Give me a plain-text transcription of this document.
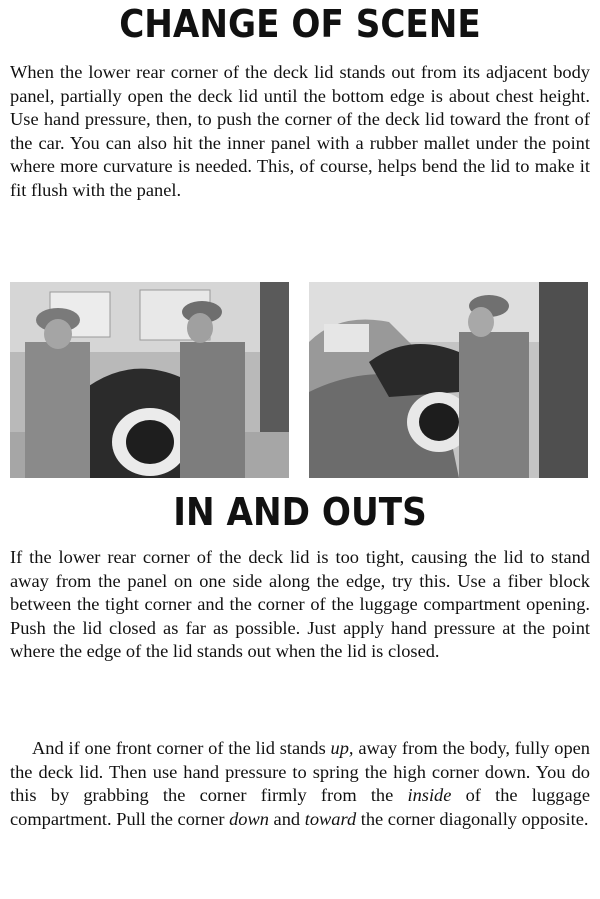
CHANGE OF SCENE

When the lower rear corner of the deck lid stands out from its adjacent body panel, partially open the deck lid until the bottom edge is about chest height. Use hand pressure, then, to push the corner of the deck lid toward the front of the car. You can also hit the inner panel with a rubber mallet under the point where more curvature is needed. This, of course, helps bend the lid to make it fit flush with the panel.

IN AND OUTS

If the lower rear corner of the deck lid is too tight, causing the lid to stand away from the panel on one side along the edge, try this. Use a fiber block between the tight corner and the corner of the luggage compartment opening. Push the lid closed as far as possible. Just apply hand pressure at the point where the edge of the lid stands out when the lid is closed.

And if one front corner of the lid stands up, away from the body, fully open the deck lid. Then use hand pressure to spring the high corner down. You do this by grabbing the corner firmly from the inside of the luggage compartment. Pull the corner down and toward the corner diagonally opposite.
